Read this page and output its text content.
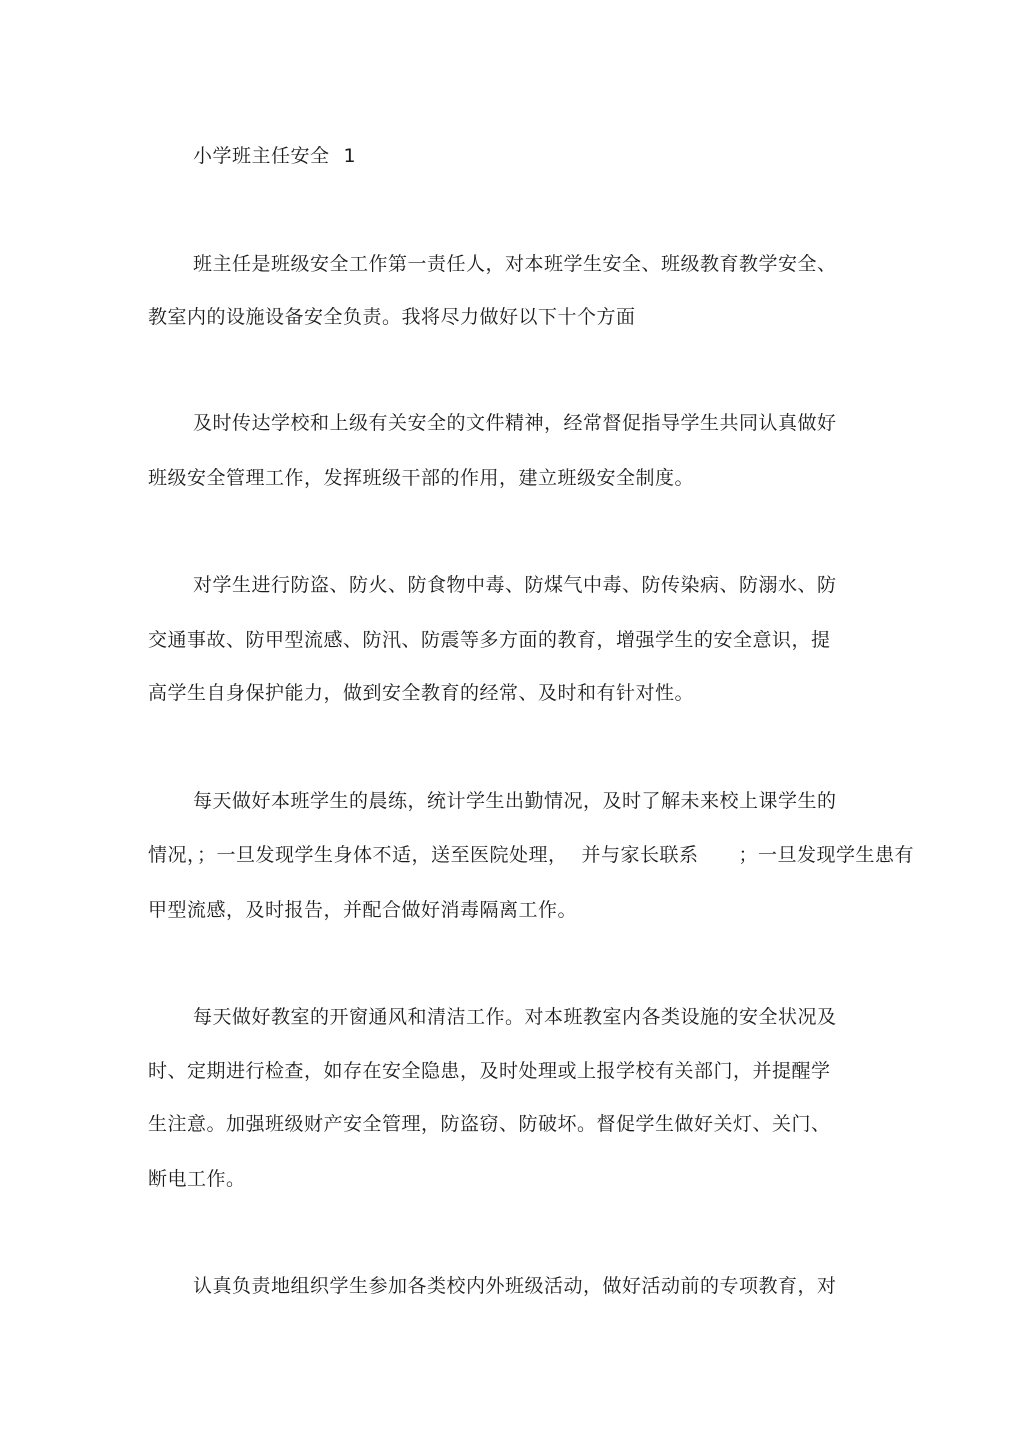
小学班主任安全 1
班主任是班级安全工作第一责任人，对本班学生安全、班级教育教学安全、
教室内的设施设备安全负责。我将尽力做好以下十个方面
及时传达学校和上级有关安全的文件精神，经常督促指导学生共同认真做好
班级安全管理工作，发挥班级干部的作用，建立班级安全制度。
对学生进行防盗、防火、防食物中毒、防煤气中毒、防传染病、防溺水、防
交通事故、防甲型流感、防汛、防震等多方面的教育，增强学生的安全意识，提
高学生自身保护能力，做到安全教育的经常、及时和有针对性。
每天做好本班学生的晨练，统计学生出勤情况，及时了解未来校上课学生的
情况，；一旦发现学生身体不适，送至医院处理， 并与家长联系 ；一旦发现学生患有
甲型流感，及时报告，并配合做好消毒隔离工作。
每天做好教室的开窗通风和清洁工作。对本班教室内各类设施的安全状况及
时、定期进行检查，如存在安全隐患，及时处理或上报学校有关部门，并提醒学
生注意。加强班级财产安全管理，防盗窃、防破坏。督促学生做好关灯、关门、
断电工作。
认真负责地组织学生参加各类校内外班级活动，做好活动前的专项教育，对
